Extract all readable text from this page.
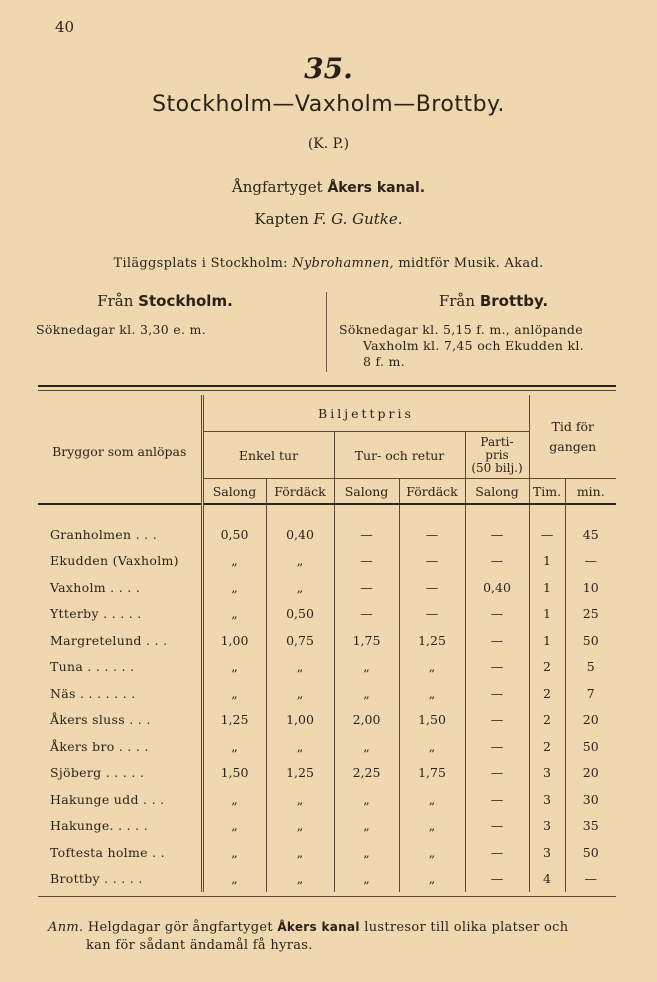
40
35.
Stockholm—Vaxholm—Brottby.
(K. P.)
Ångfartyget Åkers kanal.
Kapten F. G. Gutke.
Tiläggsplats i Stockholm: Nybrohamnen, midtför Musik. Akad.
Från Stockholm.
Söknedagar kl. 3,30 e. m.
Från Brottby.
Söknedagar kl. 5,15 f. m., anlöpande
Vaxholm kl. 7,45 och Ekudden kl.
8 f. m.
Bryggor som anlöpas	Biljettpris					Tid för gangen	
	Enkel tur		Tur- och retur		Parti-
pris
(50 bilj.)		

	Salong	Fördäck	Salong	Fördäck	Salong	Tim.	min.

Granholmen . . .	0,50	0,40	—	—	—	—	45
Ekudden (Vaxholm)	„	„	—	—	—	1	—
Vaxholm . . . .	„	„	—	—	0,40	1	10
Ytterby . . . . .	„	0,50	—	—	—	1	25
Margretelund . . .	1,00	0,75	1,75	1,25	—	1	50
Tuna . . . . . .	„	„	„	„	—	2	5
Näs . . . . . . .	„	„	„	„	—	2	7
Åkers sluss . . .	1,25	1,00	2,00	1,50	—	2	20
Åkers bro . . . .	„	„	„	„	—	2	50
Sjöberg . . . . .	1,50	1,25	2,25	1,75	—	3	20
Hakunge udd . . .	„	„	„	„	—	3	30
Hakunge. . . . .	„	„	„	„	—	3	35
Toftesta holme . .	„	„	„	„	—	3	50
Brottby . . . . .	„	„	„	„	—	4	—
Anm. Helgdagar gör ångfartyget Åkers kanal lustresor till olika platser och
kan för sådant ändamål få hyras.
